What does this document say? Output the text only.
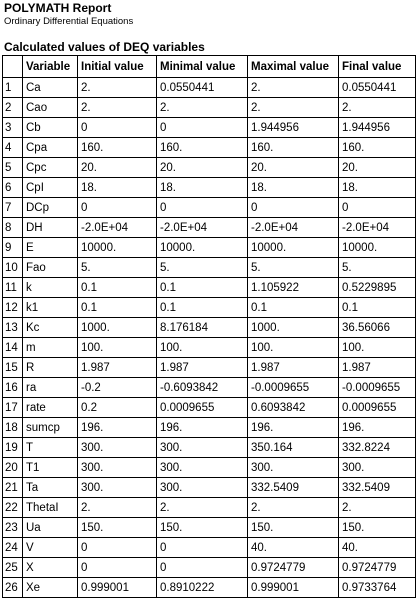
POLYMATH Report
Ordinary Differential Equations
Calculated values of DEQ variables
	Variable	Initial value	Minimal value	Maximal value	Final value
1	Ca	2.	0.0550441	2.	0.0550441
2	Cao	2.	2.	2.	2.
3	Cb	0	0	1.944956	1.944956
4	Cpa	160.	160.	160.	160.
5	Cpc	20.	20.	20.	20.
6	CpI	18.	18.	18.	18.
7	DCp	0	0	0	0
8	DH	-2.0E+04	-2.0E+04	-2.0E+04	-2.0E+04
9	E	10000.	10000.	10000.	10000.
10	Fao	5.	5.	5.	5.
11	k	0.1	0.1	1.105922	0.5229895
12	k1	0.1	0.1	0.1	0.1
13	Kc	1000.	8.176184	1000.	36.56066
14	m	100.	100.	100.	100.
15	R	1.987	1.987	1.987	1.987
16	ra	-0.2	-0.6093842	-0.0009655	-0.0009655
17	rate	0.2	0.0009655	0.6093842	0.0009655
18	sumcp	196.	196.	196.	196.
19	T	300.	300.	350.164	332.8224
20	T1	300.	300.	300.	300.
21	Ta	300.	300.	332.5409	332.5409
22	ThetaI	2.	2.	2.	2.
23	Ua	150.	150.	150.	150.
24	V	0	0	40.	40.
25	X	0	0	0.9724779	0.9724779
26	Xe	0.999001	0.8910222	0.999001	0.9733764
